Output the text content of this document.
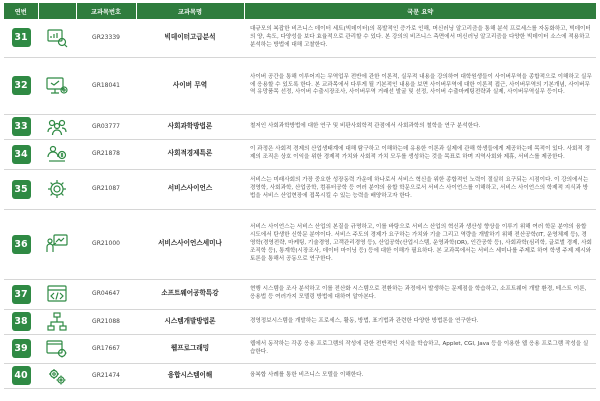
연번		교과목번호	교과목명	국문 요약
31		GR23339	빅데이터고급분석	대규모의 복잡한 비즈니스 데이터 세트(빅데이터)의 폭발적인 증가로 인해, 머신러닝 알고리즘을 통해 분석 프로세스를 자동화하고, 빅데이터의 양, 속도, 다양성을 보다 효율적으로 관리할 수 있다. 본 강의의 비즈니스 측면에서 머신러닝 알고리즘을 다양한 빅데이터 소스에 적용하고 분석하는 방법에 대해 고찰한다.
32		GR18041	사이버 무역	사이버 공간을 통해 이루어지는 무역업무 전반에 관한 이론적, 실무적 내용을 강의하여 대학원생들이 사이버무역을 종합적으로 이해하고 실무에 응용할 수 있도록 한다. 본 교과목에서 다루게 될 기본적인 내용을 보면 사이버무역에 대한 이론적 접근, 사이버무역의 기본개념, 사이버무역 유망품목 선정, 사이버 수출시장조사, 사이버무역 거래선 발굴 및 선정, 사이버 수출마케팅전략과 실제, 사이버무역실무 등이다.
33		GR03777	사회과학방법론	철저인 사회과학방법에 대한 연구 및 비판사회학적 관점에서 사회과학의 철학을 연구 분석한다.
34		GR21878	사회적경제특론	이 과정은 사회적 경제의 산업생태계에 대해 탐구하고 이해하는데 유용한 이론과 실제에 관해 학생들에게 제공하는데 목적이 있다. 사회적 경제의 조직은 상호 이익을 위한 경제적 가치와 사회적 가치 모두를 생성하는 것을 목표로 하며 지역사회와 제휴, 서비스를 제공한다.
35		GR21087	서비스사이언스	서비스는 미래사회의 가장 중요한 성장동력 가운데 하나로서 서비스 혁신을 위한 종합적인 노력이 절실히 요구되는 시점이다. 이 강의에서는 경영학, 사회과학, 산업공학, 컴퓨터공학 등 여러 분야의 융합 학문으로서 서비스 사이언스를 이해하고, 서비스 사이언스의 학제적 지식과 방법을 서비스 산업현장에 접목시킬 수 있는 능력을 배양하고자 한다.
36		GR21000	서비스사이언스세미나	서비스 사이언스는 서비스 산업의 본질을 규명하고, 이를 바탕으로 서비스 산업의 혁신과 생산성 향상을 이루기 위해 여러 학문 분야의 융합 시도에서 탄생한 신학문 분야이다. 서비스 주도의 경제가 요구하는 가치와 기술 그리고 역량을 개발하기 위해 전산공학(IT, 운영체제 등), 경영학(경영전략, 마케팅, 기술경영, 고객관리경영 등), 산업공학(산업시스템, 운영과학(OR), 인간공학 등), 사회과학(심리학, 글로벌 경제, 사회조직학 등), 통계학(시장조사, 데이터 마이닝 등) 등에 대한 이해가 필요하다. 본 교과목에서는 서비스 세미나를 주제로 하여 학생 주제 제시와 토론을 통해서 공동으로 연구한다.
37		GR04647	소프트웨어공학특강	현행 시스템을 조사 분석하고 이를 전산화 시스템으로 전환하는 과정에서 발생하는 문제점을 학습하고, 소프트웨어 개발 환경, 테스트 이론, 응용법 등 여러가지 모델링 방법에 대하여 알아본다.
38		GR21088	시스템개발방법론	경영정보시스템을 개발하는 프로세스, 활동, 방법, 표기법과 관련한 다양한 방법론을 연구한다.
39		GR17667	웹프로그래밍	웹에서 동작하는 각종 응용 프로그램의 작성에 관한 전반적인 지식을 학습하고, Applet, CGI, Java 등을 이용한 웹 응용 프로그램 작성을 실습한다.
40		GR21474	융합시스템이해	융복합 사례를 통한 비즈니스 모델을 이해한다.
